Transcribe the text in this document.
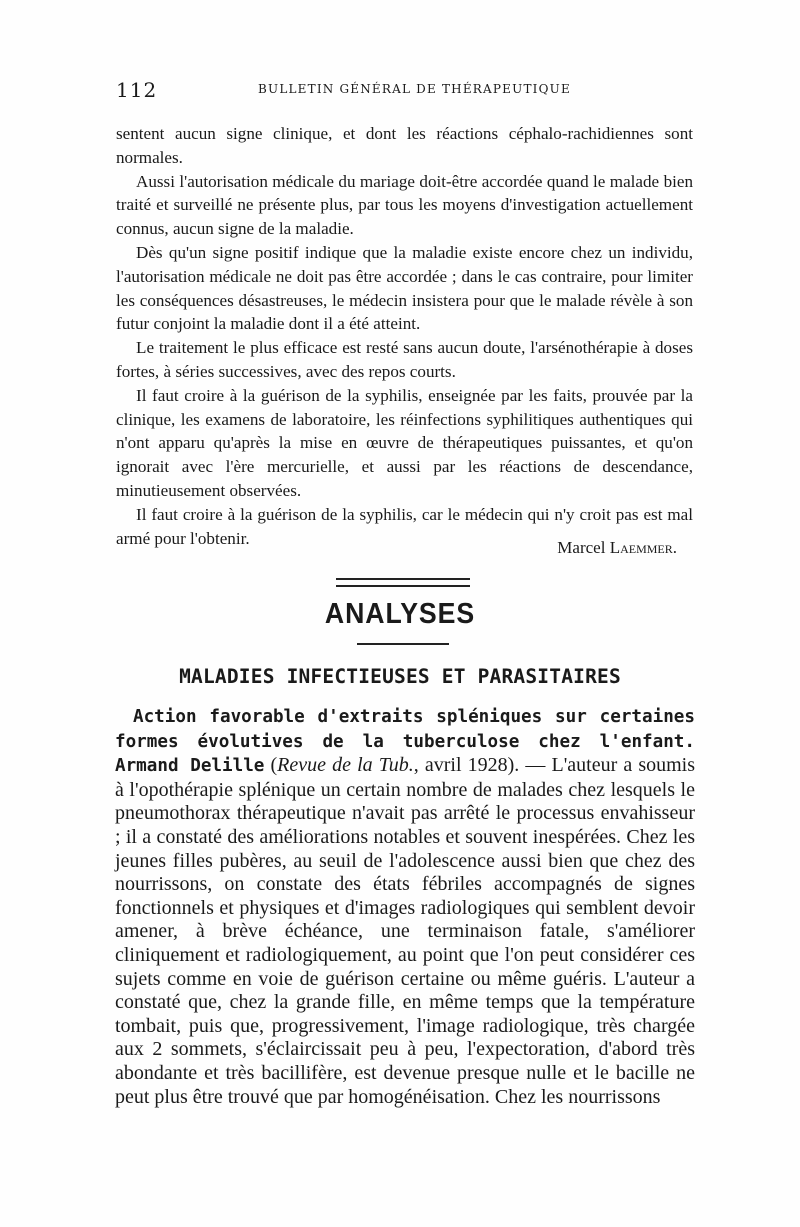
112	BULLETIN GÉNÉRAL DE THÉRAPEUTIQUE

sentent aucun signe clinique, et dont les réactions céphalo-rachidiennes sont normales.

Aussi l'autorisation médicale du mariage doit-être accordée quand le malade bien traité et surveillé ne présente plus, par tous les moyens d'investigation actuellement connus, aucun signe de la maladie.

Dès qu'un signe positif indique que la maladie existe encore chez un individu, l'autorisation médicale ne doit pas être accordée ; dans le cas contraire, pour limiter les conséquences désastreuses, le médecin insistera pour que le malade révèle à son futur conjoint la maladie dont il a été atteint.

Le traitement le plus efficace est resté sans aucun doute, l'arsénothérapie à doses fortes, à séries successives, avec des repos courts.

Il faut croire à la guérison de la syphilis, enseignée par les faits, prouvée par la clinique, les examens de laboratoire, les réinfections syphilitiques authentiques qui n'ont apparu qu'après la mise en œuvre de thérapeutiques puissantes, et qu'on ignorait avec l'ère mercurielle, et aussi par les réactions de descendance, minutieusement observées.

Il faut croire à la guérison de la syphilis, car le médecin qui n'y croit pas est mal armé pour l'obtenir.	Marcel Laemmer.
ANALYSES
MALADIES INFECTIEUSES ET PARASITAIRES

Action favorable d'extraits spléniques sur certaines formes évolutives de la tuberculose chez l'enfant. Armand Delille (Revue de la Tub., avril 1928). — L'auteur a soumis à l'opothérapie splénique un certain nombre de malades chez lesquels le pneumothorax thérapeutique n'avait pas arrêté le processus envahisseur ; il a constaté des améliorations notables et souvent inespérées. Chez les jeunes filles pubères, au seuil de l'adolescence aussi bien que chez des nourrissons, on constate des états fébriles accompagnés de signes fonctionnels et physiques et d'images radiologiques qui semblent devoir amener, à brève échéance, une terminaison fatale, s'améliorer cliniquement et radiologiquement, au point que l'on peut considérer ces sujets comme en voie de guérison certaine ou même guéris. L'auteur a constaté que, chez la grande fille, en même temps que la température tombait, puis que, progressivement, l'image radiologique, très chargée aux 2 sommets, s'éclaircissait peu à peu, l'expectoration, d'abord très abondante et très bacillifère, est devenue presque nulle et le bacille ne peut plus être trouvé que par homogénéisation. Chez les nourrissons
